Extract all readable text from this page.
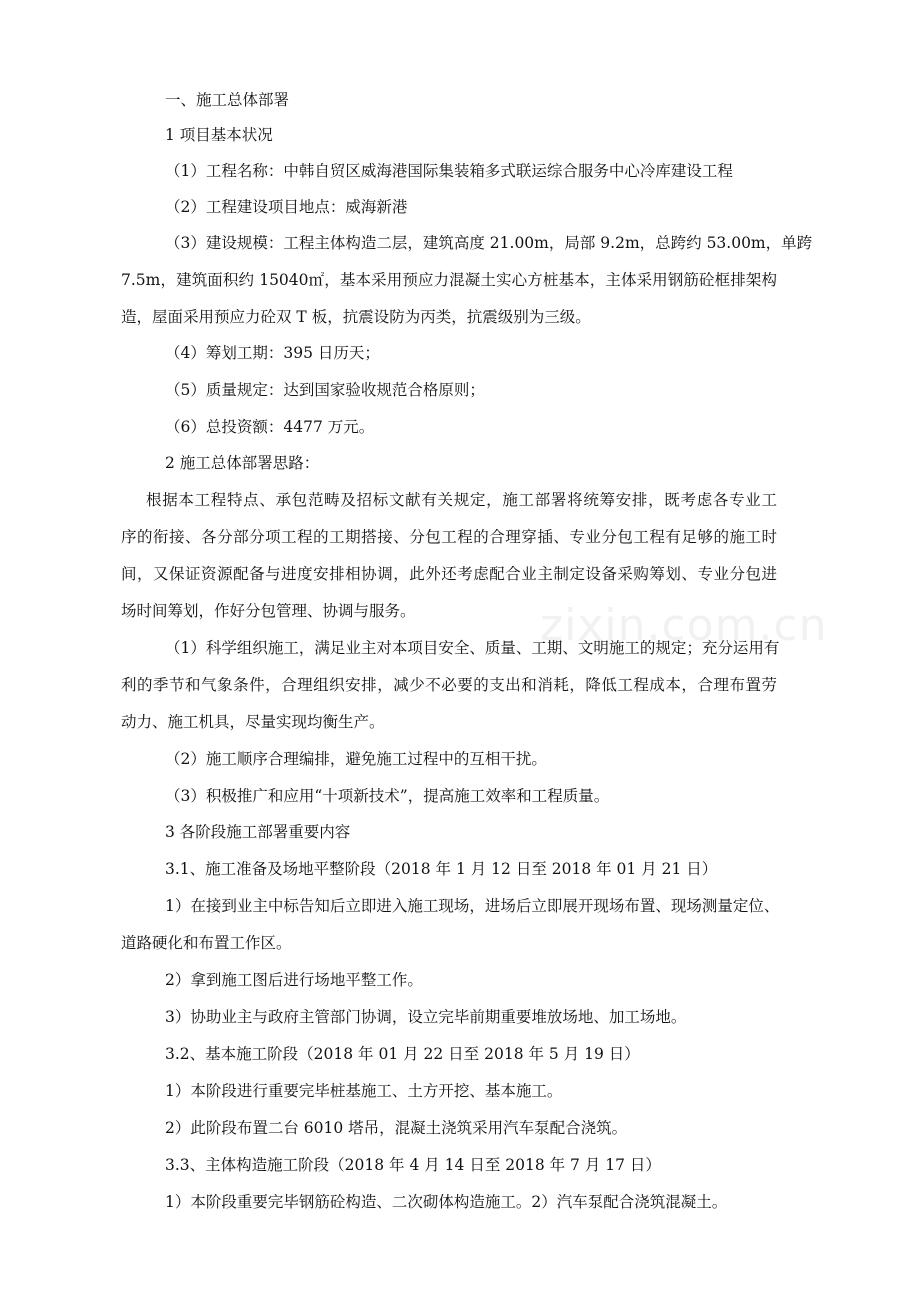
zixin.com.cn
一、施工总体部署
1 项目基本状况
（1）工程名称：中韩自贸区威海港国际集装箱多式联运综合服务中心冷库建设工程
（2）工程建设项目地点：威海新港
（3）建设规模：工程主体构造二层，建筑高度 21.00m，局部 9.2m，总跨约 53.00m，单跨
7.5m，建筑面积约 15040㎡，基本采用预应力混凝土实心方桩基本，主体采用钢筋砼框排架构
造，屋面采用预应力砼双 T 板，抗震设防为丙类，抗震级别为三级。
（4）筹划工期：395 日历天；
（5）质量规定：达到国家验收规范合格原则；
（6）总投资额：4477 万元。
2 施工总体部署思路：
根据本工程特点、承包范畴及招标文献有关规定，施工部署将统筹安排，既考虑各专业工
序的衔接、各分部分项工程的工期搭接、分包工程的合理穿插、专业分包工程有足够的施工时
间，又保证资源配备与进度安排相协调，此外还考虑配合业主制定设备采购筹划、专业分包进
场时间筹划，作好分包管理、协调与服务。
（1）科学组织施工，满足业主对本项目安全、质量、工期、文明施工的规定；充分运用有
利的季节和气象条件，合理组织安排，减少不必要的支出和消耗，降低工程成本，合理布置劳
动力、施工机具，尽量实现均衡生产。
（2）施工顺序合理编排，避免施工过程中的互相干扰。
（3）积极推广和应用“十项新技术”，提高施工效率和工程质量。
3 各阶段施工部署重要内容
3.1、施工准备及场地平整阶段（2018 年 1 月 12 日至 2018 年 01 月 21 日）
1）在接到业主中标告知后立即进入施工现场，进场后立即展开现场布置、现场测量定位、
道路硬化和布置工作区。
2）拿到施工图后进行场地平整工作。
3）协助业主与政府主管部门协调，设立完毕前期重要堆放场地、加工场地。
3.2、基本施工阶段（2018 年 01 月 22 日至 2018 年 5 月 19 日）
1）本阶段进行重要完毕桩基施工、土方开挖、基本施工。
2）此阶段布置二台 6010 塔吊，混凝土浇筑采用汽车泵配合浇筑。
3.3、主体构造施工阶段（2018 年 4 月 14 日至 2018 年 7 月 17 日）
1）本阶段重要完毕钢筋砼构造、二次砌体构造施工。2）汽车泵配合浇筑混凝土。
